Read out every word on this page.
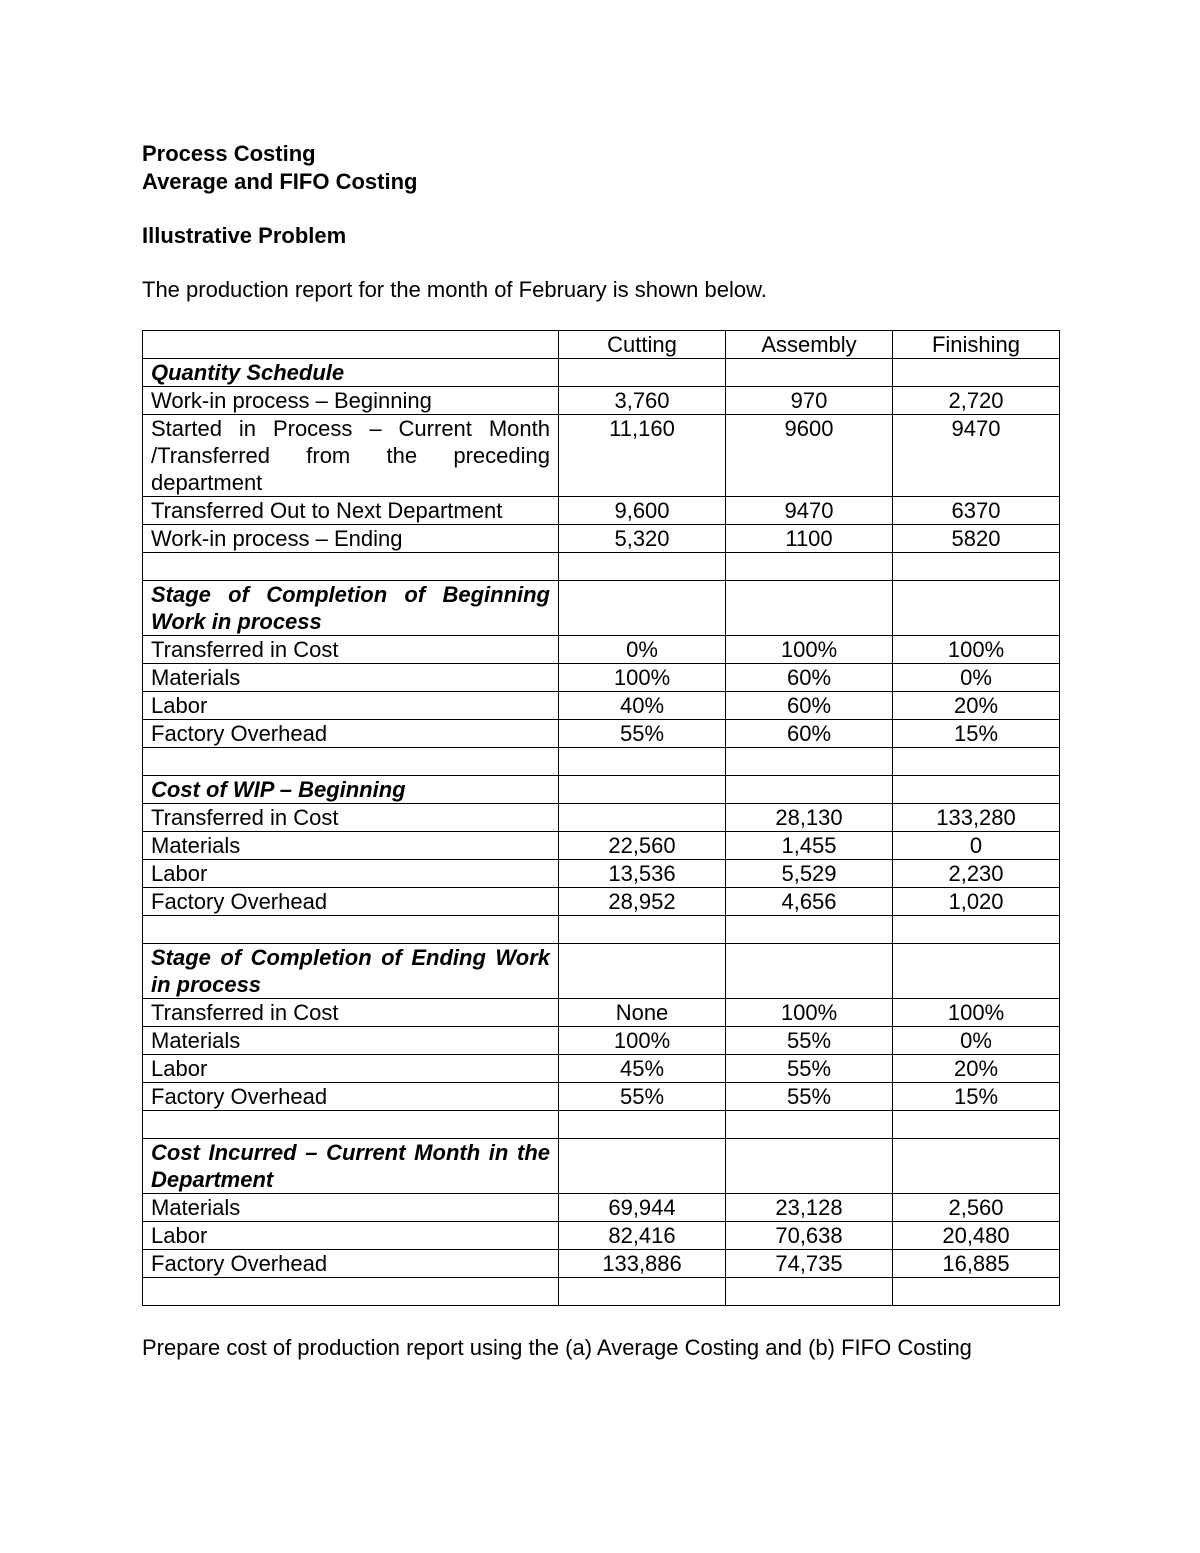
Process Costing
Average and FIFO Costing
Illustrative Problem
The production report for the month of February is shown below.
	Cutting	Assembly	Finishing
Quantity Schedule			
Work-in process – Beginning	3,760	970	2,720
Started in Process – Current Month /Transferred from the preceding department	11,160	9600	9470
Transferred Out to Next Department	9,600	9470	6370
Work-in process – Ending	5,320	1100	5820

Stage of Completion of Beginning Work in process			
Transferred in Cost	0%	100%	100%
Materials	100%	60%	0%
Labor	40%	60%	20%
Factory Overhead	55%	60%	15%

Cost of WIP – Beginning			
Transferred in Cost		28,130	133,280
Materials	22,560	1,455	0
Labor	13,536	5,529	2,230
Factory Overhead	28,952	4,656	1,020

Stage of Completion of Ending Work in process			
Transferred in Cost	None	100%	100%
Materials	100%	55%	0%
Labor	45%	55%	20%
Factory Overhead	55%	55%	15%

Cost Incurred – Current Month in the Department			
Materials	69,944	23,128	2,560
Labor	82,416	70,638	20,480
Factory Overhead	133,886	74,735	16,885

Prepare cost of production report using the (a) Average Costing and (b) FIFO Costing
